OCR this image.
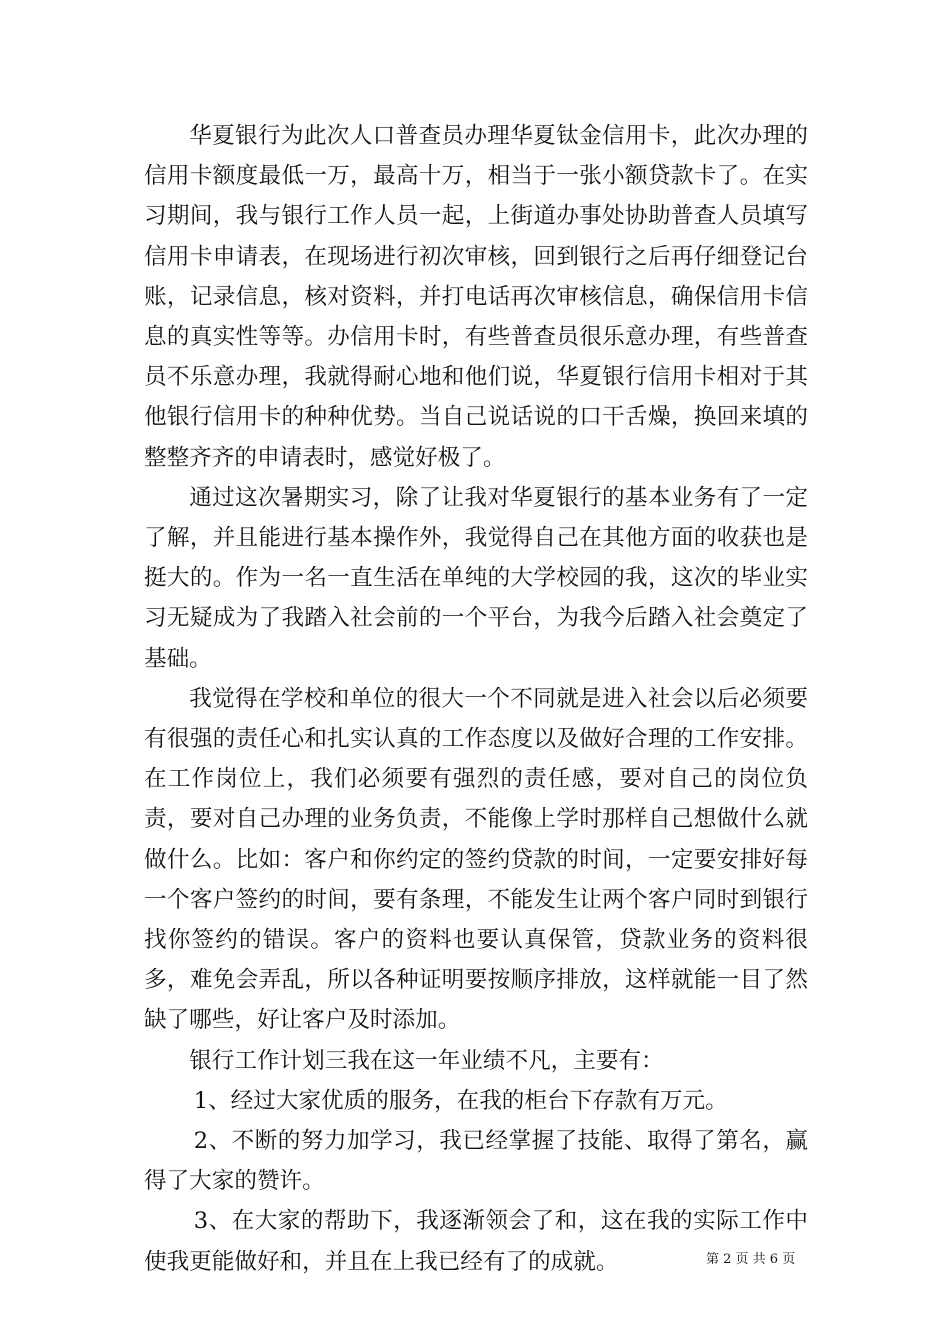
华夏银行为此次人口普查员办理华夏钛金信用卡，此次办理的信用卡额度最低一万，最高十万，相当于一张小额贷款卡了。在实习期间，我与银行工作人员一起，上街道办事处协助普查人员填写信用卡申请表，在现场进行初次审核，回到银行之后再仔细登记台账，记录信息，核对资料，并打电话再次审核信息，确保信用卡信息的真实性等等。办信用卡时，有些普查员很乐意办理，有些普查员不乐意办理，我就得耐心地和他们说，华夏银行信用卡相对于其他银行信用卡的种种优势。当自己说话说的口干舌燥，换回来填的整整齐齐的申请表时，感觉好极了。

通过这次暑期实习，除了让我对华夏银行的基本业务有了一定了解，并且能进行基本操作外，我觉得自己在其他方面的收获也是挺大的。作为一名一直生活在单纯的大学校园的我，这次的毕业实习无疑成为了我踏入社会前的一个平台，为我今后踏入社会奠定了基础。

我觉得在学校和单位的很大一个不同就是进入社会以后必须要有很强的责任心和扎实认真的工作态度以及做好合理的工作安排。在工作岗位上，我们必须要有强烈的责任感，要对自己的岗位负责，要对自己办理的业务负责，不能像上学时那样自己想做什么就做什么。比如：客户和你约定的签约贷款的时间，一定要安排好每一个客户签约的时间，要有条理，不能发生让两个客户同时到银行找你签约的错误。客户的资料也要认真保管，贷款业务的资料很多，难免会弄乱，所以各种证明要按顺序排放，这样就能一目了然缺了哪些，好让客户及时添加。

银行工作计划三我在这一年业绩不凡，主要有：

1、经过大家优质的服务，在我的柜台下存款有万元。

2、不断的努力加学习，我已经掌握了技能、取得了第名，赢得了大家的赞许。

3、在大家的帮助下，我逐渐领会了和，这在我的实际工作中使我更能做好和，并且在上我已经有了的成就。	第 2 页 共 6 页
